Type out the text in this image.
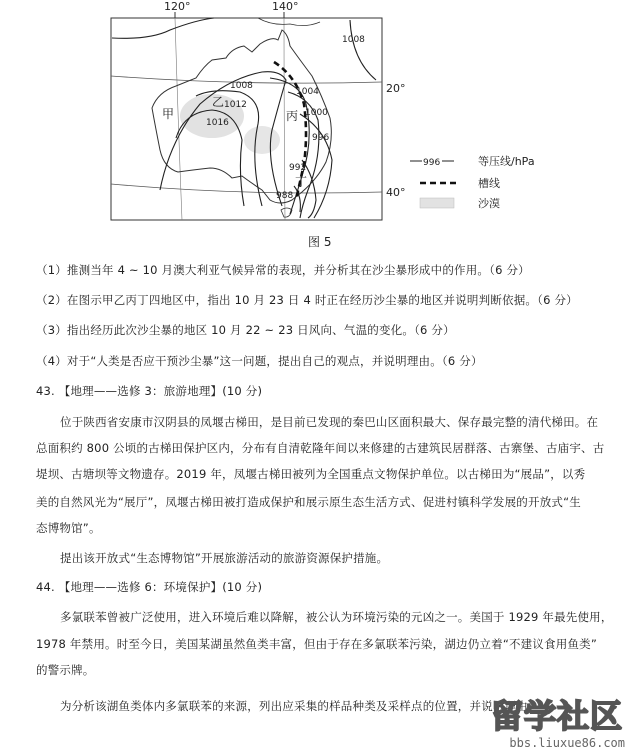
120°	140°
20°
40°
1008
1008
1012
1016
1004
1000
996
992
988
甲
乙
丙
丁
996	等压线/hPa
槽线
沙漠
图 5
（1）推测当年 4 ~ 10 月澳大利亚气候异常的表现，并分析其在沙尘暴形成中的作用。（6 分）
（2）在图示甲乙丙丁四地区中，指出 10 月 23 日 4 时正在经历沙尘暴的地区并说明判断依据。（6 分）
（3）指出经历此次沙尘暴的地区 10 月 22 ~ 23 日风向、气温的变化。（6 分）
（4）对于“人类是否应干预沙尘暴”这一问题，提出自己的观点，并说明理由。（6 分）
43. 【地理——选修 3：旅游地理】(10 分)
位于陕西省安康市汉阴县的凤堰古梯田，是目前已发现的秦巴山区面积最大、保存最完整的清代梯田。在
总面积约 800 公顷的古梯田保护区内，分布有自清乾隆年间以来修建的古建筑民居群落、古寨堡、古庙宇、古
堤坝、古塘坝等文物遗存。2019 年，凤堰古梯田被列为全国重点文物保护单位。以古梯田为“展品”，以秀
美的自然风光为“展厅”，凤堰古梯田被打造成保护和展示原生态生活方式、促进村镇科学发展的开放式“生
态博物馆”。
提出该开放式“生态博物馆”开展旅游活动的旅游资源保护措施。
44. 【地理——选修 6：环境保护】(10 分)
多氯联苯曾被广泛使用，进入环境后难以降解，被公认为环境污染的元凶之一。美国于 1929 年最先使用，
1978 年禁用。时至今日，美国某湖虽然鱼类丰富，但由于存在多氯联苯污染，湖边仍立着“不建议食用鱼类”
的警示牌。
为分析该湖鱼类体内多氯联苯的来源，列出应采集的样品种类及采样点的位置，并说明理由。
留学社区
bbs.liuxue86.com
